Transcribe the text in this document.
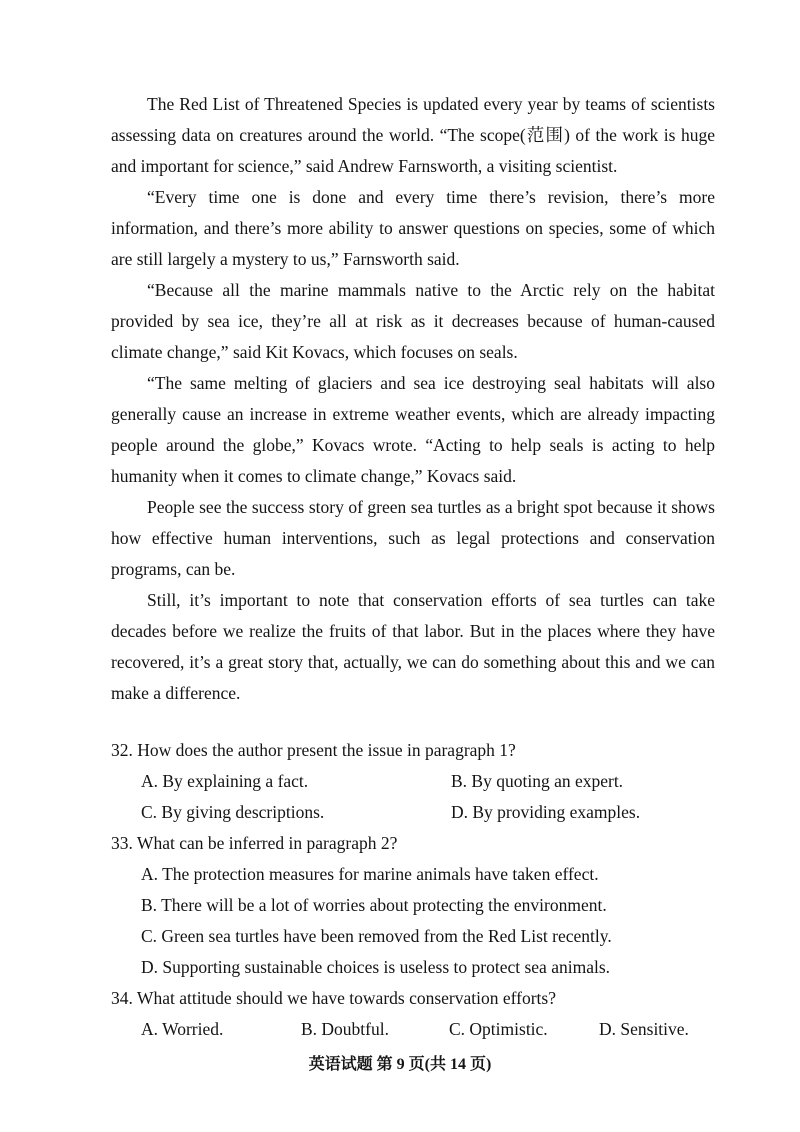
The Red List of Threatened Species is updated every year by teams of scientists assessing data on creatures around the world. “The scope(范围) of the work is huge and important for science,” said Andrew Farnsworth, a visiting scientist.

“Every time one is done and every time there’s revision, there’s more information, and there’s more ability to answer questions on species, some of which are still largely a mystery to us,” Farnsworth said.

“Because all the marine mammals native to the Arctic rely on the habitat provided by sea ice, they’re all at risk as it decreases because of human-caused climate change,” said Kit Kovacs, which focuses on seals.

“The same melting of glaciers and sea ice destroying seal habitats will also generally cause an increase in extreme weather events, which are already impacting people around the globe,” Kovacs wrote. “Acting to help seals is acting to help humanity when it comes to climate change,” Kovacs said.

People see the success story of green sea turtles as a bright spot because it shows how effective human interventions, such as legal protections and conservation programs, can be.

Still, it’s important to note that conservation efforts of sea turtles can take decades before we realize the fruits of that labor. But in the places where they have recovered, it’s a great story that, actually, we can do something about this and we can make a difference.

32. How does the author present the issue in paragraph 1?

A. By explaining a fact.	B. By quoting an expert.
C. By giving descriptions.	D. By providing examples.

33. What can be inferred in paragraph 2?

A. The protection measures for marine animals have taken effect.
B. There will be a lot of worries about protecting the environment.
C. Green sea turtles have been removed from the Red List recently.
D. Supporting sustainable choices is useless to protect sea animals.

34. What attitude should we have towards conservation efforts?

A. Worried.	B. Doubtful.	C. Optimistic.	D. Sensitive.
英语试题 第 9 页(共 14 页)
